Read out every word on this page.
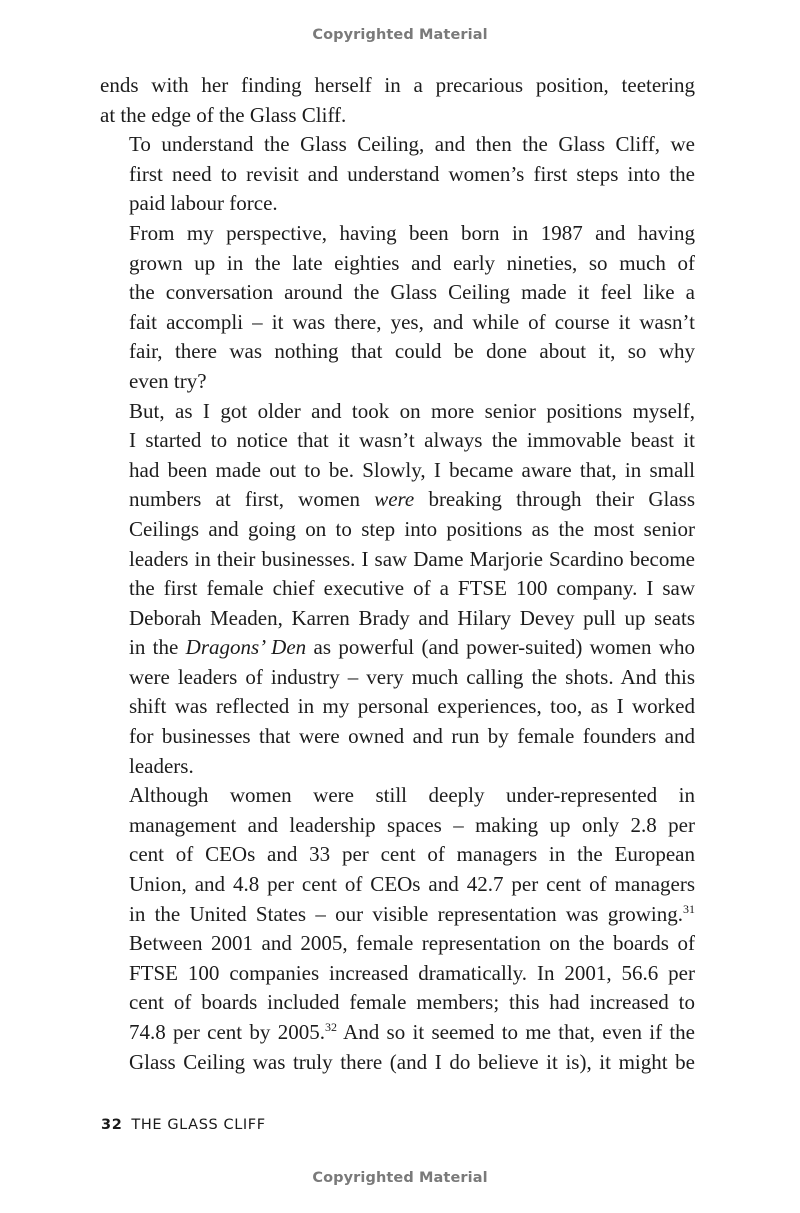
Copyrighted Material

ends with her finding herself in a precarious position, teetering
at the edge of the Glass Cliff.

To understand the Glass Ceiling, and then the Glass Cliff, we
first need to revisit and understand women’s first steps into the
paid labour force.

From my perspective, having been born in 1987 and having
grown up in the late eighties and early nineties, so much of
the conversation around the Glass Ceiling made it feel like a
fait accompli – it was there, yes, and while of course it wasn’t
fair, there was nothing that could be done about it, so why
even try?

But, as I got older and took on more senior positions myself,
I started to notice that it wasn’t always the immovable beast it
had been made out to be. Slowly, I became aware that, in small
numbers at first, women were breaking through their Glass
Ceilings and going on to step into positions as the most senior
leaders in their businesses. I saw Dame Marjorie Scardino become
the first female chief executive of a FTSE 100 company. I saw
Deborah Meaden, Karren Brady and Hilary Devey pull up seats
in the Dragons’ Den as powerful (and power-suited) women who
were leaders of industry – very much calling the shots. And this
shift was reflected in my personal experiences, too, as I worked
for businesses that were owned and run by female founders and
leaders.

Although women were still deeply under-represented in
management and leadership spaces – making up only 2.8 per
cent of CEOs and 33 per cent of managers in the European
Union, and 4.8 per cent of CEOs and 42.7 per cent of managers
in the United States – our visible representation was growing.$^{31}$
Between 2001 and 2005, female representation on the boards of
FTSE 100 companies increased dramatically. In 2001, 56.6 per
cent of boards included female members; this had increased to
74.8 per cent by 2005.32 And so it seemed to me that, even if the
Glass Ceiling was truly there (and I do believe it is), it might be

32 THE GLASS CLIFF
Copyrighted Material
